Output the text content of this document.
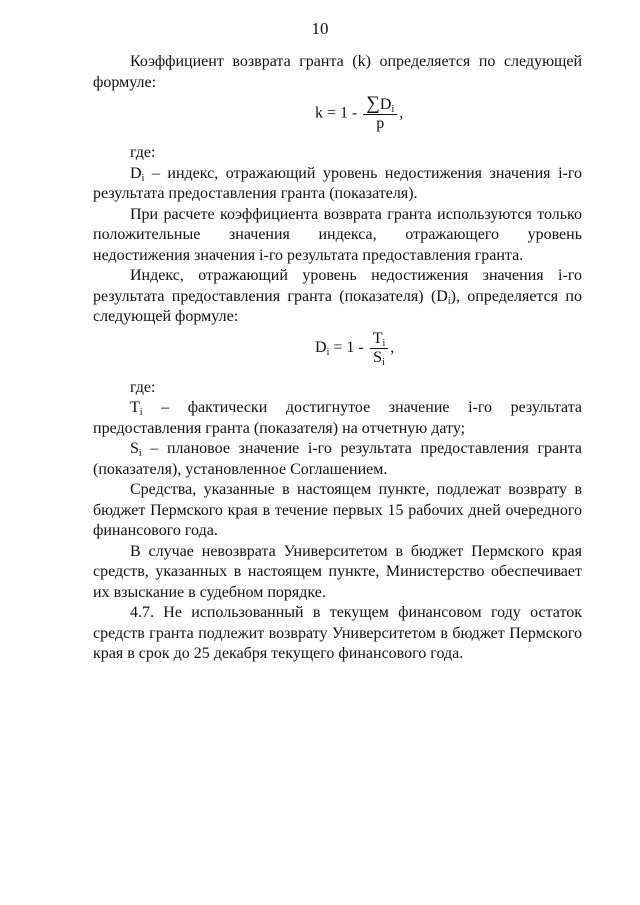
10

Коэффициент возврата гранта (k) определяется по следующей формуле:

$k = 1 - \frac{\sum D_i}{p}$ ,

где:

$D_i$ – индекс, отражающий уровень недостижения значения i-го результата предоставления гранта (показателя).

При расчете коэффициента возврата гранта используются только положительные значения индекса, отражающего уровень недостижения значения i-го результата предоставления гранта.

Индекс, отражающий уровень недостижения значения i-го результата предоставления гранта (показателя) $(D_i)$, определяется по следующей формуле:

$D_i = 1 - \frac{T_i}{S_i}$ ,

где:

$T_i$ – фактически достигнутое значение i-го результата предоставления гранта (показателя) на отчетную дату;

$S_i$ – плановое значение i-го результата предоставления гранта (показателя), установленное Соглашением.

Средства, указанные в настоящем пункте, подлежат возврату в бюджет Пермского края в течение первых 15 рабочих дней очередного финансового года.

В случае невозврата Университетом в бюджет Пермского края средств, указанных в настоящем пункте, Министерство обеспечивает их взыскание в судебном порядке.

4.7. Не использованный в текущем финансовом году остаток средств гранта подлежит возврату Университетом в бюджет Пермского края в срок до 25 декабря текущего финансового года.
